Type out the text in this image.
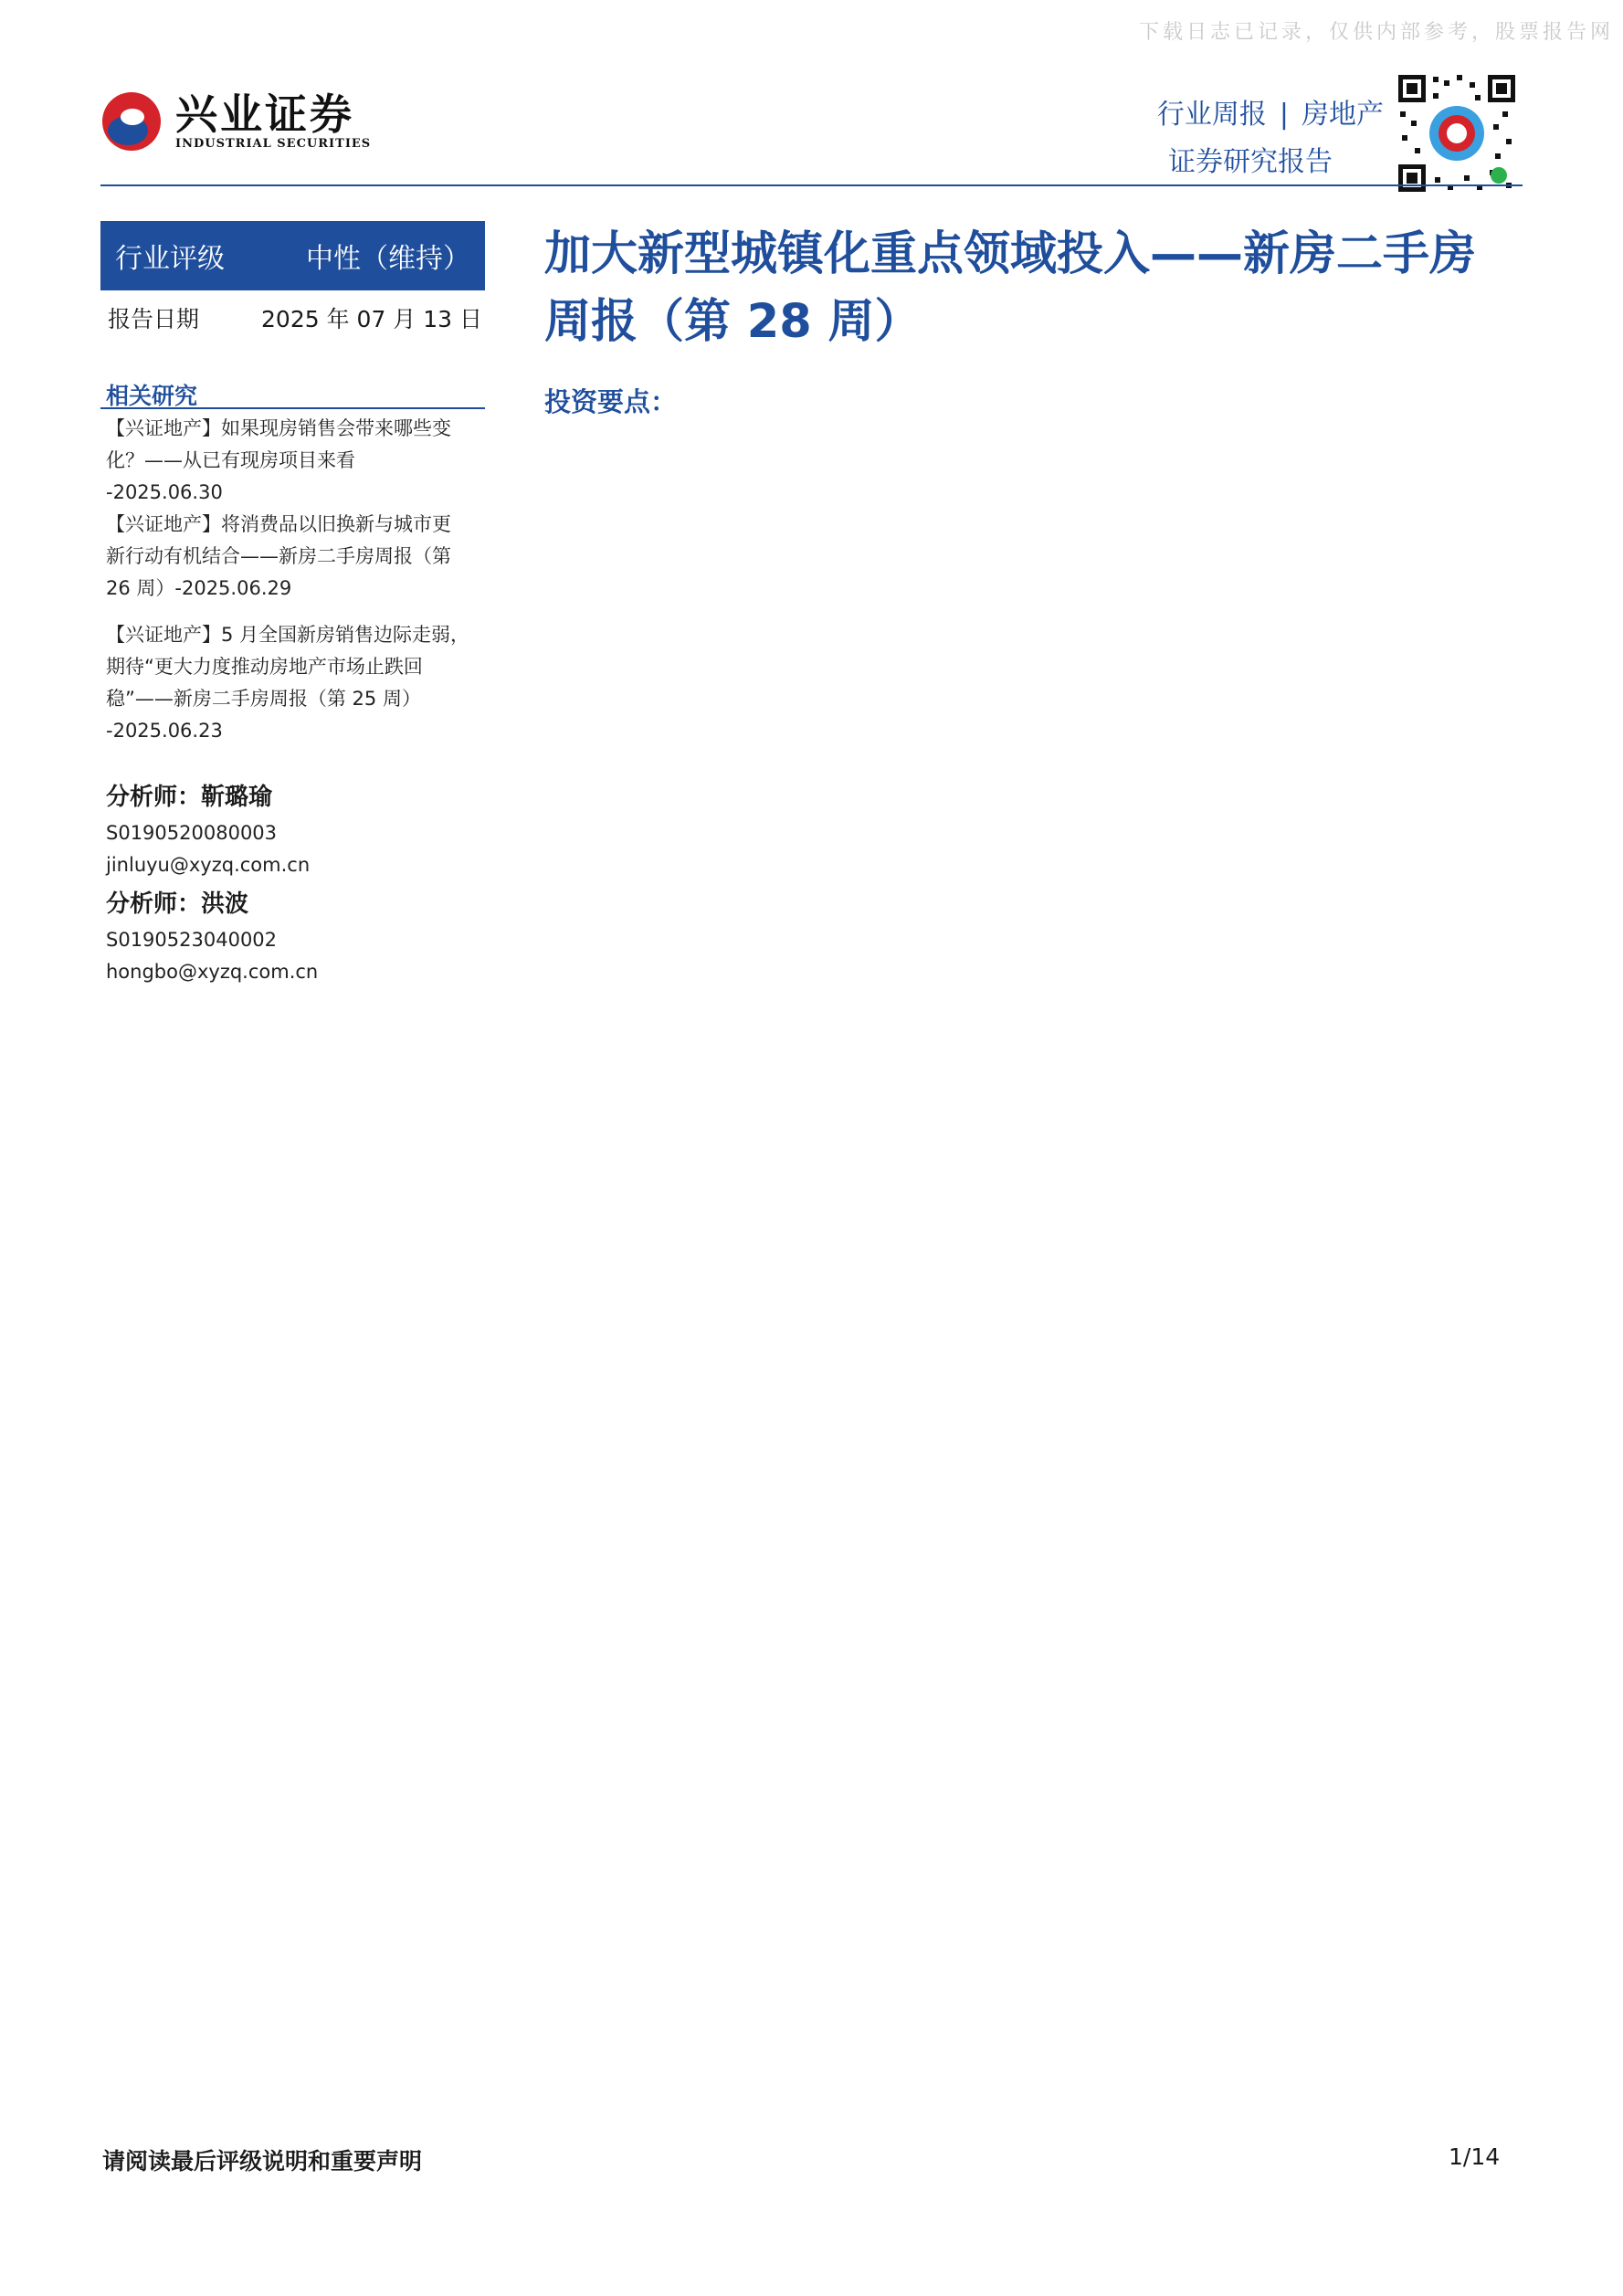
下载日志已记录，仅供内部参考，股票报告网
兴业证券
INDUSTRIAL SECURITIES
行业周报 | 房地产
证券研究报告
行业评级	中性（维持）
报告日期	2025 年 07 月 13 日
相关研究

【兴证地产】如果现房销售会带来哪些变

化？——从已有现房项目来看

-2025.06.30

【兴证地产】将消费品以旧换新与城市更

新行动有机结合——新房二手房周报（第

26 周）-2025.06.29

【兴证地产】5 月全国新房销售边际走弱，

期待“更大力度推动房地产市场止跌回

稳”——新房二手房周报（第 25 周）

-2025.06.23

分析师：靳璐瑜
S0190520080003
jinluyu@xyzq.com.cn
分析师：洪波
S0190523040002
hongbo@xyzq.com.cn
加大新型城镇化重点领域投入——新房二手房周报（第 28 周）
投资要点：
请阅读最后评级说明和重要声明	1/14
